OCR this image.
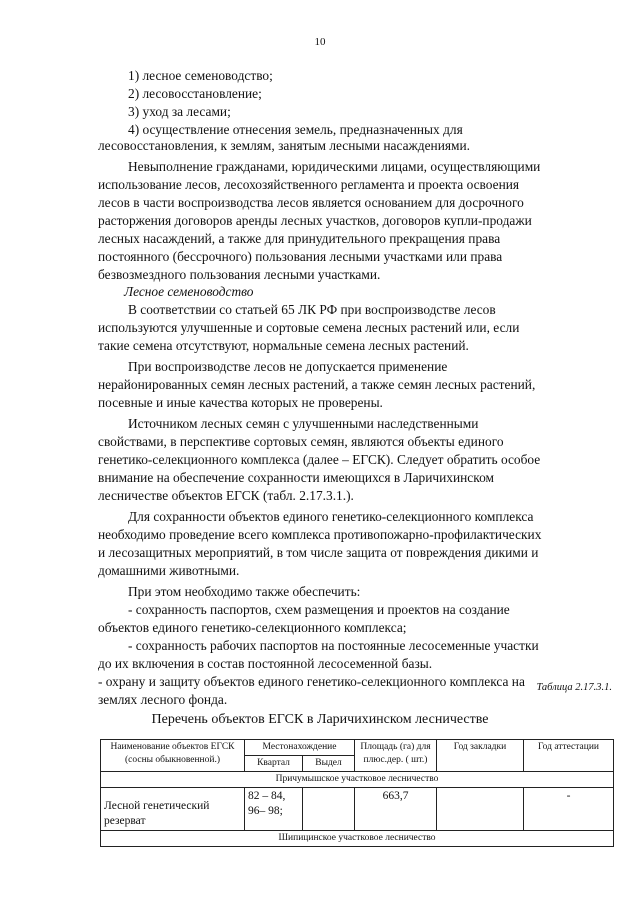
10
1) лесное семеноводство;
2) лесовосстановление;
3) уход за лесами;
4) осуществление отнесения земель, предназначенных для
лесовосстановления, к землям, занятым лесными насаждениями.
Невыполнение гражданами, юридическими лицами, осуществляющими
использование лесов, лесохозяйственного регламента и проекта освоения
лесов в части воспроизводства лесов является основанием для досрочного
расторжения договоров аренды лесных участков, договоров купли-продажи
лесных насаждений, а также для принудительного прекращения права
постоянного (бессрочного) пользования лесными участками или права
безвозмездного пользования лесными участками.
Лесное семеноводство
В соответствии со статьей 65 ЛК РФ при воспроизводстве лесов
используются улучшенные и сортовые семена лесных растений или, если
такие семена отсутствуют, нормальные семена лесных растений.
При воспроизводстве лесов не допускается применение
нерайонированных семян лесных растений, а также семян лесных растений,
посевные и иные качества которых не проверены.
Источником лесных семян с улучшенными наследственными
свойствами, в перспективе сортовых семян, являются объекты единого
генетико-селекционного комплекса (далее – ЕГСК). Следует обратить особое
внимание на обеспечение сохранности имеющихся в Ларичихинском
лесничестве объектов ЕГСК (табл. 2.17.3.1.).
Для сохранности объектов единого генетико-селекционного комплекса
необходимо проведение всего комплекса противопожарно-профилактических
и лесозащитных мероприятий, в том числе защита от повреждения дикими и
домашними животными.
При этом необходимо также обеспечить:
- сохранность паспортов, схем размещения и проектов на создание
объектов единого генетико-селекционного комплекса;
- сохранность рабочих паспортов на постоянные лесосеменные участки
до их включения в состав постоянной лесосеменной базы.
- охрану и защиту объектов единого генетико-селекционного комплекса на
землях лесного фонда.
Таблица 2.17.3.1.
Перечень объектов ЕГСК в Ларичихинском лесничестве
Наименование объектов ЕГСК (сосны обыкновенной.)	Местонахождение		Площадь (га) для плюс.дер. ( шт.)	Год закладки	Год аттестации
	Квартал	Выдел			
Причумышское участковое лесничество					
Лесной генетический резерват	82 – 84, 96– 98;		663,7		-
Шипицинское участковое лесничество					
